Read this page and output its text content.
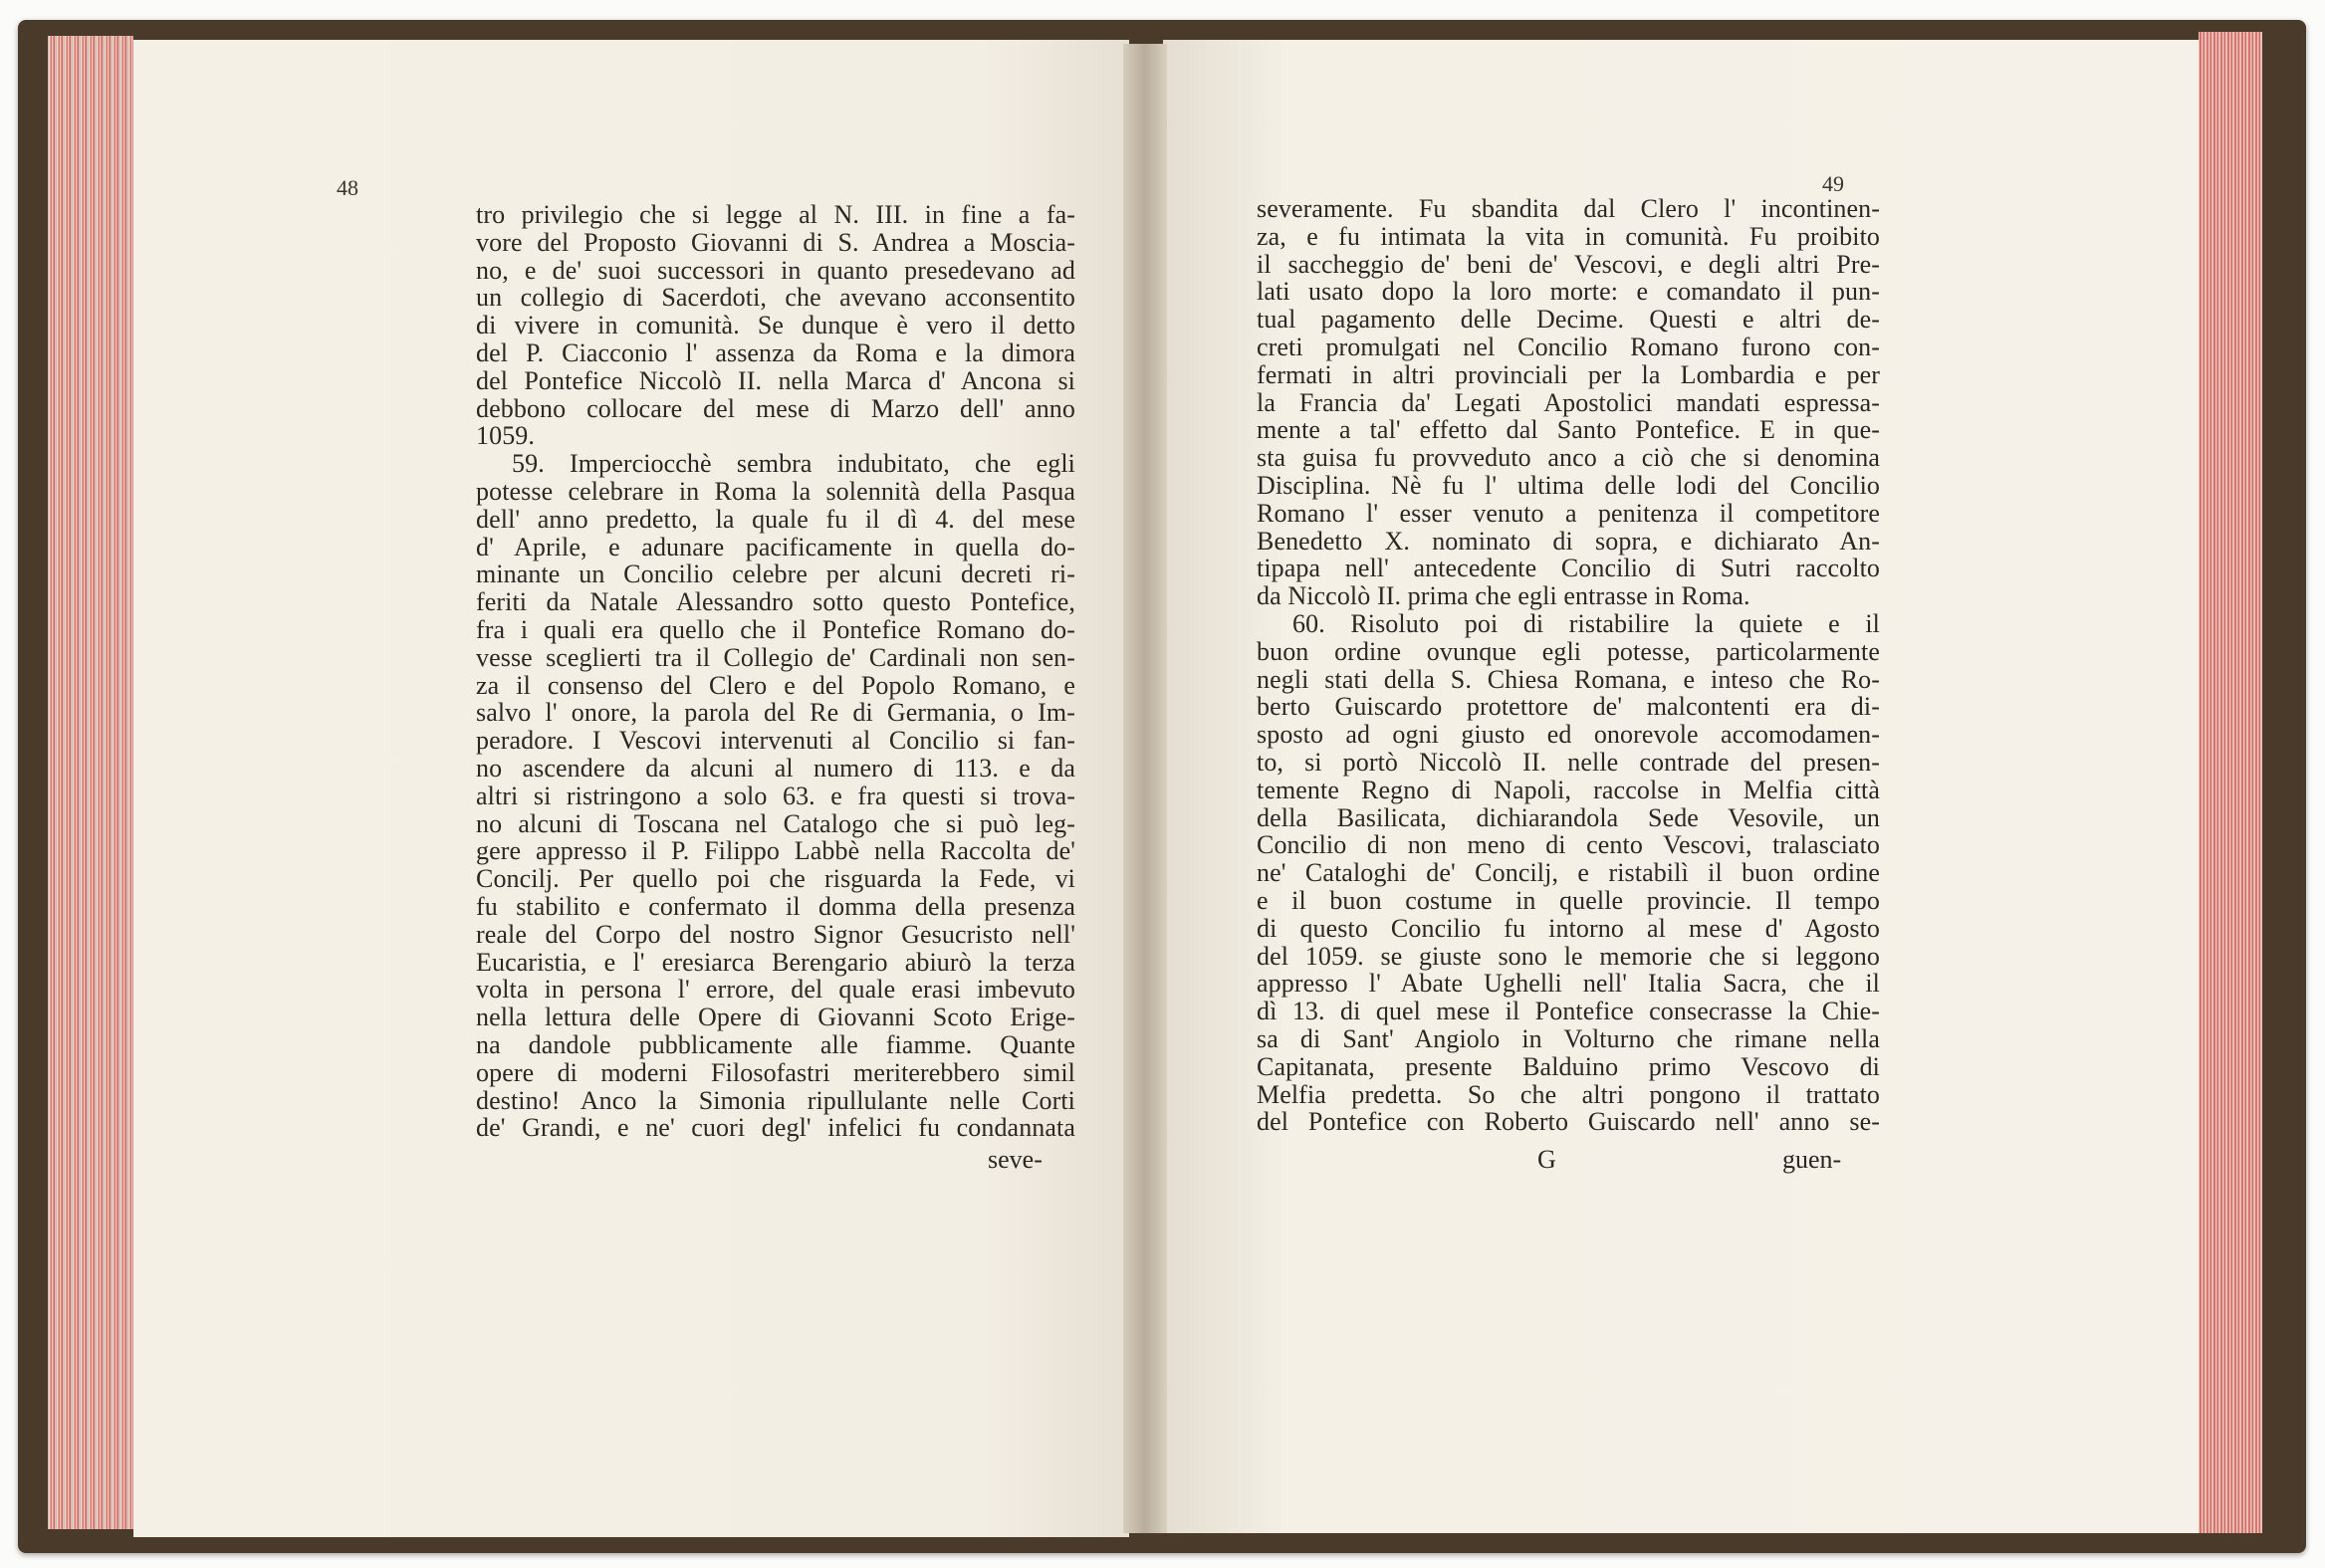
48	49
tro privilegio che si legge al N. III. in fine a fa-
vore del Proposto Giovanni di S. Andrea a Moscia-
no, e de' suoi successori in quanto presedevano ad
un collegio di Sacerdoti, che avevano acconsentito
di vivere in comunità. Se dunque è vero il detto
del P. Ciacconio l' assenza da Roma e la dimora
del Pontefice Niccolò II. nella Marca d' Ancona si
debbono collocare del mese di Marzo dell' anno
1059.
59. Imperciocchè sembra indubitato, che egli
potesse celebrare in Roma la solennità della Pasqua
dell' anno predetto, la quale fu il dì 4. del mese
d' Aprile, e adunare pacificamente in quella do-
minante un Concilio celebre per alcuni decreti ri-
feriti da Natale Alessandro sotto questo Pontefice,
fra i quali era quello che il Pontefice Romano do-
vesse sceglierti tra il Collegio de' Cardinali non sen-
za il consenso del Clero e del Popolo Romano, e
salvo l' onore, la parola del Re di Germania, o Im-
peradore. I Vescovi intervenuti al Concilio si fan-
no ascendere da alcuni al numero di 113. e da
altri si ristringono a solo 63. e fra questi si trova-
no alcuni di Toscana nel Catalogo che si può leg-
gere appresso il P. Filippo Labbè nella Raccolta de'
Concilj. Per quello poi che risguarda la Fede, vi
fu stabilito e confermato il domma della presenza
reale del Corpo del nostro Signor Gesucristo nell'
Eucaristia, e l' eresiarca Berengario abiurò la terza
volta in persona l' errore, del quale erasi imbevuto
nella lettura delle Opere di Giovanni Scoto Erige-
na dandole pubblicamente alle fiamme. Quante
opere di moderni Filosofastri meriterebbero simil
destino! Anco la Simonia ripullulante nelle Corti
de' Grandi, e ne' cuori degl' infelici fu condannata
seve-
severamente. Fu sbandita dal Clero l' incontinen-
za, e fu intimata la vita in comunità. Fu proibito
il saccheggio de' beni de' Vescovi, e degli altri Pre-
lati usato dopo la loro morte: e comandato il pun-
tual pagamento delle Decime. Questi e altri de-
creti promulgati nel Concilio Romano furono con-
fermati in altri provinciali per la Lombardia e per
la Francia da' Legati Apostolici mandati espressa-
mente a tal' effetto dal Santo Pontefice. E in que-
sta guisa fu provveduto anco a ciò che si denomina
Disciplina. Nè fu l' ultima delle lodi del Concilio
Romano l' esser venuto a penitenza il competitore
Benedetto X. nominato di sopra, e dichiarato An-
tipapa nell' antecedente Concilio di Sutri raccolto
da Niccolò II. prima che egli entrasse in Roma.
60. Risoluto poi di ristabilire la quiete e il
buon ordine ovunque egli potesse, particolarmente
negli stati della S. Chiesa Romana, e inteso che Ro-
berto Guiscardo protettore de' malcontenti era di-
sposto ad ogni giusto ed onorevole accomodamen-
to, si portò Niccolò II. nelle contrade del presen-
temente Regno di Napoli, raccolse in Melfia città
della Basilicata, dichiarandola Sede Vesovile, un
Concilio di non meno di cento Vescovi, tralasciato
ne' Cataloghi de' Concilj, e ristabilì il buon ordine
e il buon costume in quelle provincie. Il tempo
di questo Concilio fu intorno al mese d' Agosto
del 1059. se giuste sono le memorie che si leggono
appresso l' Abate Ughelli nell' Italia Sacra, che il
dì 13. di quel mese il Pontefice consecrasse la Chie-
sa di Sant' Angiolo in Volturno che rimane nella
Capitanata, presente Balduino primo Vescovo di
Melfia predetta. So che altri pongono il trattato
del Pontefice con Roberto Guiscardo nell' anno se-
G	guen-
